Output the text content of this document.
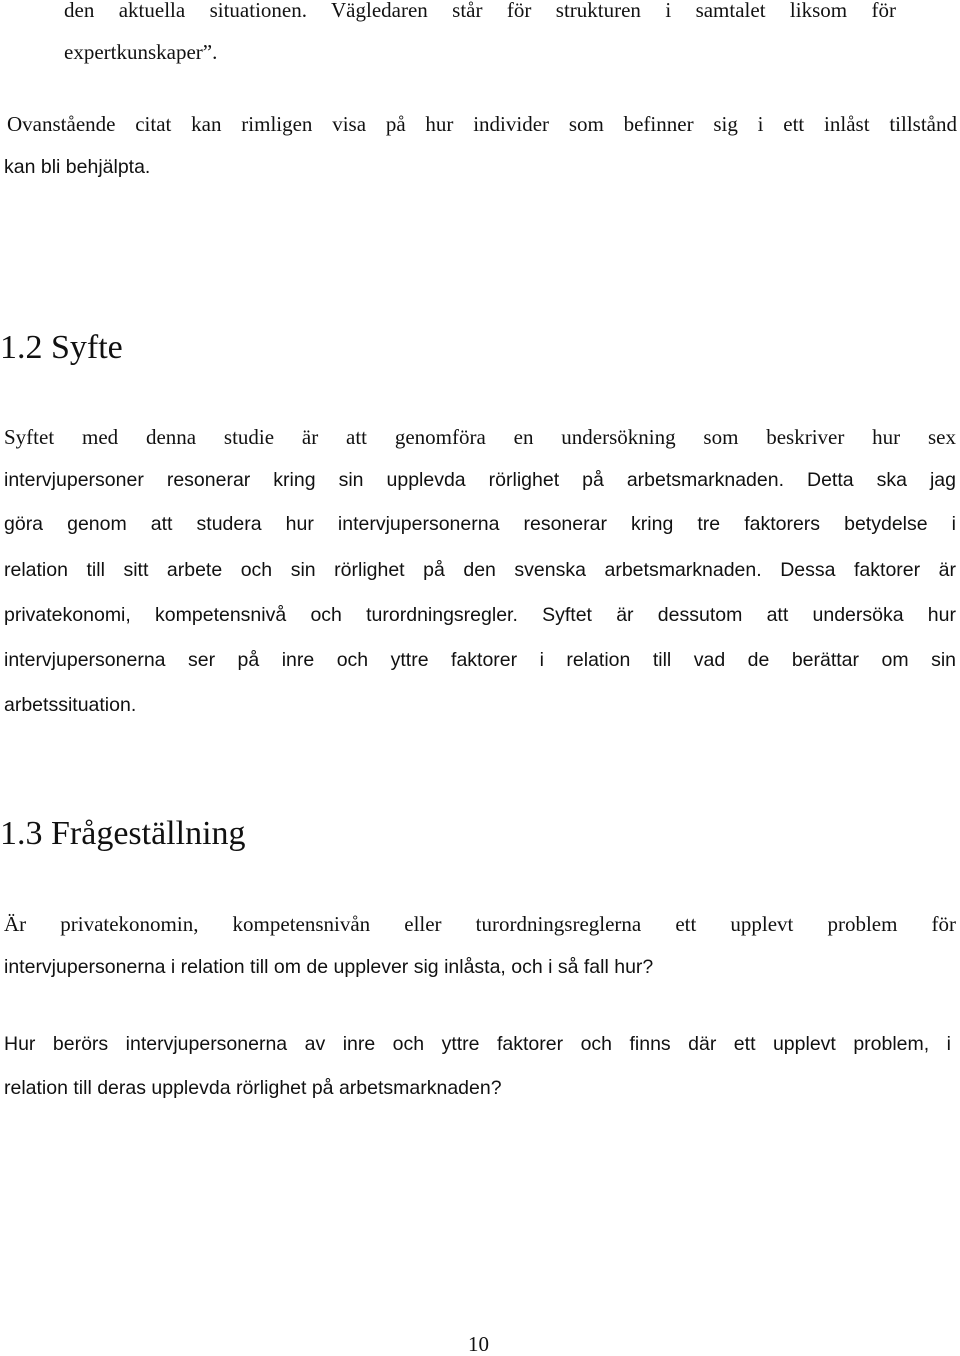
den aktuella situationen. Vägledaren står för strukturen i samtalet liksom för
expertkunskaper”.
Ovanstående citat kan rimligen visa på hur individer som befinner sig i ett inlåst tillstånd
kan bli behjälpta.
1.2 Syfte
Syftet med denna studie är att genomföra en undersökning som beskriver hur sex
intervjupersoner resonerar kring sin upplevda rörlighet på arbetsmarknaden. Detta ska jag
göra genom att studera hur intervjupersonerna resonerar kring tre faktorers betydelse i
relation till sitt arbete och sin rörlighet på den svenska arbetsmarknaden. Dessa faktorer är
privatekonomi, kompetensnivå och turordningsregler. Syftet är dessutom att undersöka hur
intervjupersonerna ser på inre och yttre faktorer i relation till vad de berättar om sin
arbetssituation.
1.3 Frågeställning
Är privatekonomin, kompetensnivån eller turordningsreglerna ett upplevt problem för
intervjupersonerna i relation till om de upplever sig inlåsta, och i så fall hur?
Hur berörs intervjupersonerna av inre och yttre faktorer och finns där ett upplevt problem, i
relation till deras upplevda rörlighet på arbetsmarknaden?
10
